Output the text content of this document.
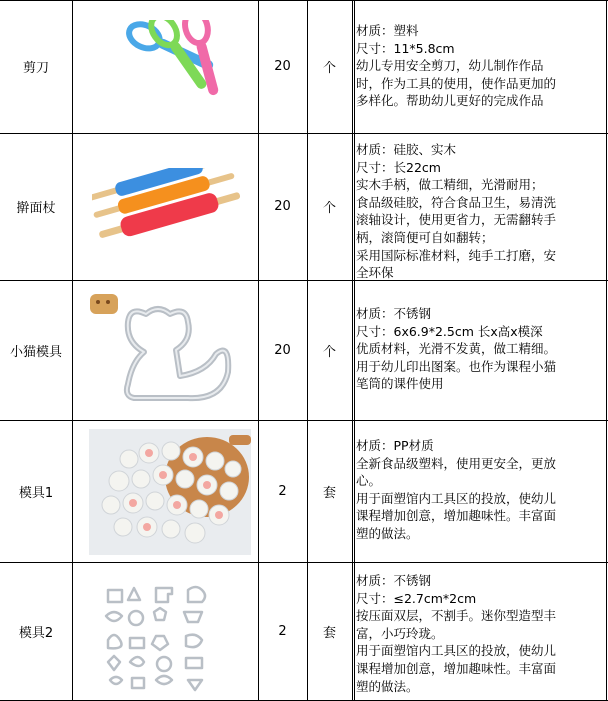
剪刀	20	个
材质：塑料
尺寸：11*5.8cm
幼儿专用安全剪刀，幼儿制作作品
时，作为工具的使用，使作品更加的
多样化。帮助幼儿更好的完成作品
擀面杖	20	个
材质：硅胶、实木
尺寸：长22cm
实木手柄，做工精细，光滑耐用；
食品级硅胶，符合食品卫生，易清洗
滚轴设计，使用更省力，无需翻转手
柄，滚筒便可自如翻转；
采用国际标准材料，纯手工打磨，安
全环保
小猫模具	20	个
材质：不锈钢
尺寸：6x6.9*2.5cm 长x高x模深
优质材料，光滑不发黄，做工精细。
用于幼儿印出图案。也作为课程小猫
笔筒的课件使用
模具1	2	套
材质：PP材质
全新食品级塑料，使用更安全，更放
心。
用于面塑馆内工具区的投放，使幼儿
课程增加创意，增加趣味性。丰富面
塑的做法。
模具2	2	套
材质：不锈钢
尺寸：≤2.7cm*2cm
按压面双层，不割手。迷你型造型丰
富，小巧玲珑。
用于面塑馆内工具区的投放，使幼儿
课程增加创意，增加趣味性。丰富面
塑的做法。
